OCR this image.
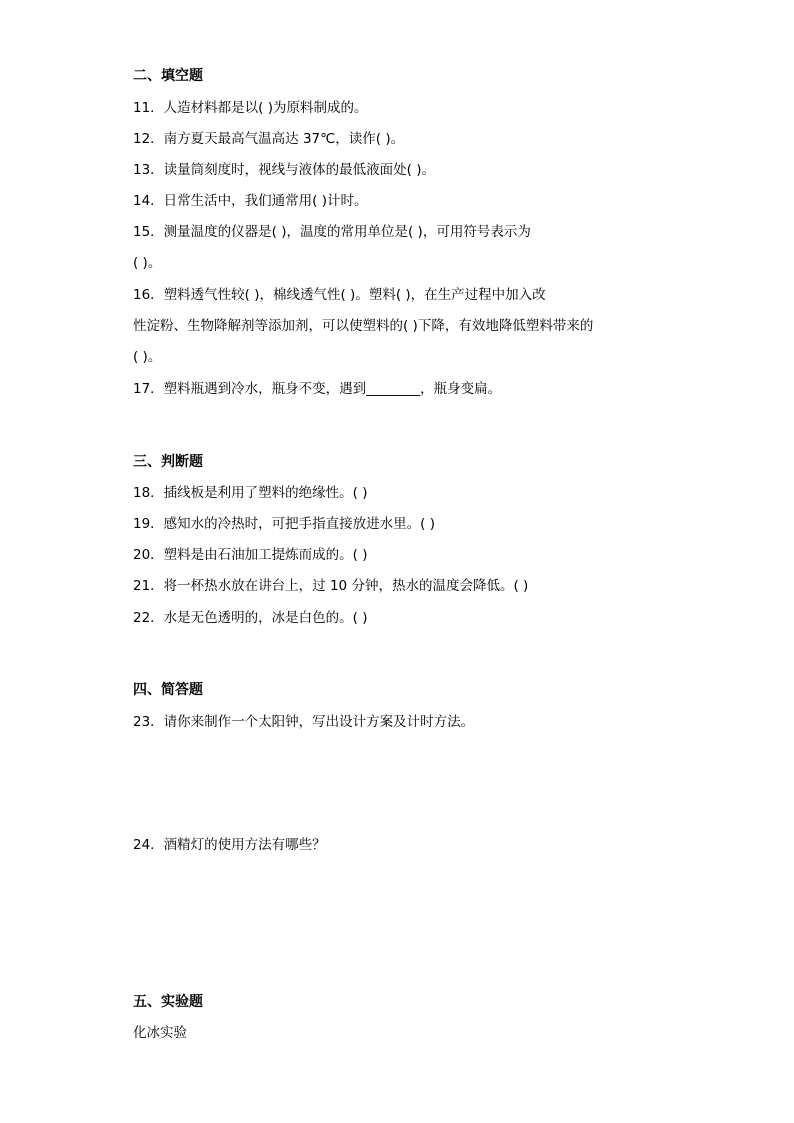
二、填空题
11．人造材料都是以( )为原料制成的。
12．南方夏天最高气温高达 37℃，读作( )。
13．读量筒刻度时，视线与液体的最低液面处( )。
14．日常生活中，我们通常用( )计时。
15．测量温度的仪器是( )，温度的常用单位是( )，可用符号表示为
( )。
16．塑料透气性较( )，棉线透气性( )。塑料( )，在生产过程中加入改
性淀粉、生物降解剂等添加剂，可以使塑料的( )下降，有效地降低塑料带来的
( )。
17．塑料瓶遇到冷水，瓶身不变，遇到________，瓶身变扁。
三、判断题
18．插线板是利用了塑料的绝缘性。( )
19．感知水的冷热时，可把手指直接放进水里。( )
20．塑料是由石油加工提炼而成的。( )
21．将一杯热水放在讲台上，过 10 分钟，热水的温度会降低。( )
22．水是无色透明的，冰是白色的。( )
四、简答题
23．请你来制作一个太阳钟，写出设计方案及计时方法。
24．酒精灯的使用方法有哪些？
五、实验题
化冰实验
